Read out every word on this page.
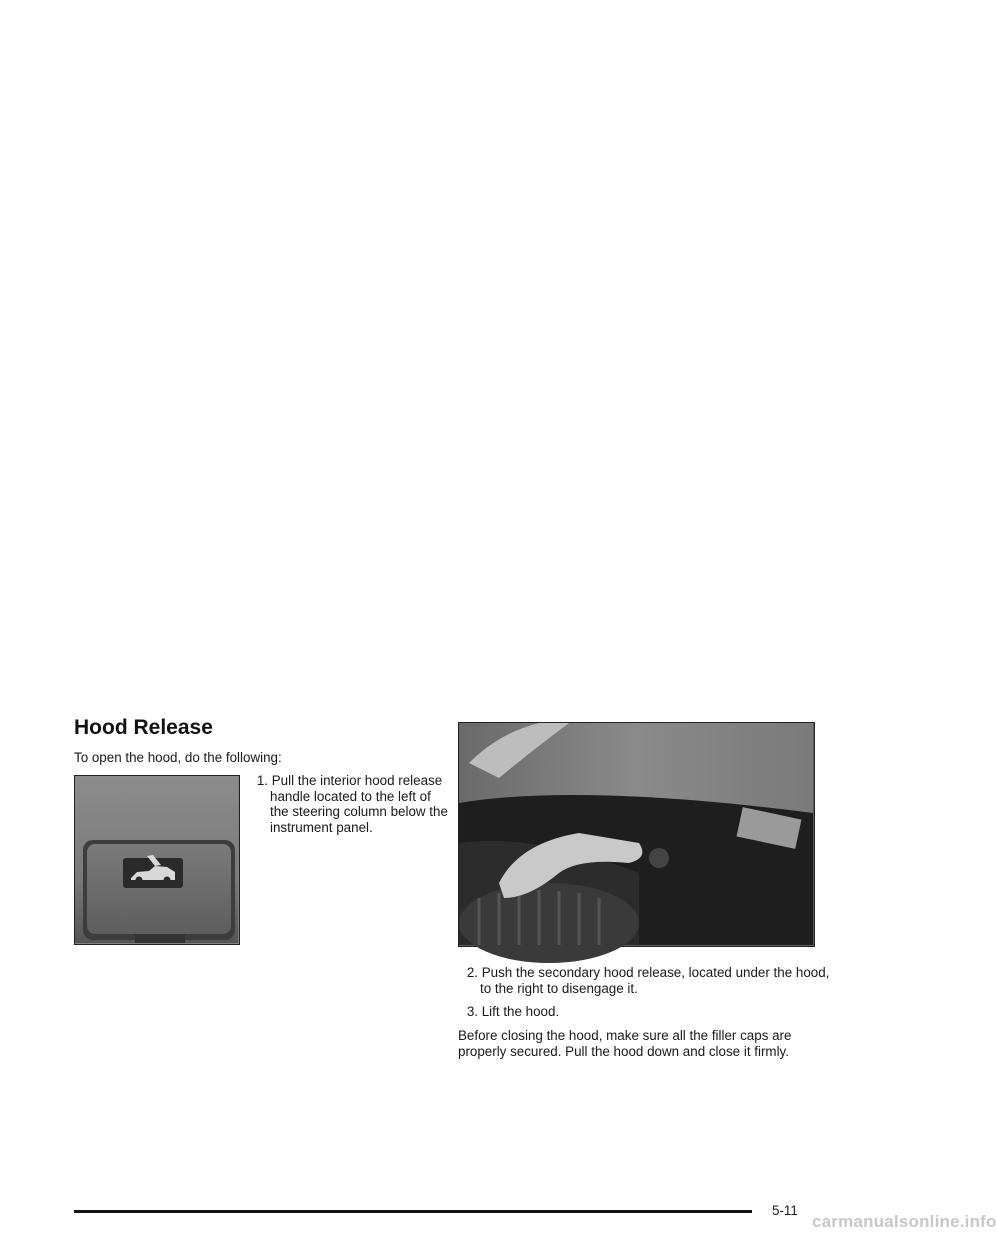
Hood Release

To open the hood, do the following:

1. Pull the interior hood release handle located to the left of the steering column below the instrument panel.

2. Push the secondary hood release, located under the hood, to the right to disengage it.

3. Lift the hood.

Before closing the hood, make sure all the filler caps are properly secured. Pull the hood down and close it firmly.

5-11
carmanualsonline.info
